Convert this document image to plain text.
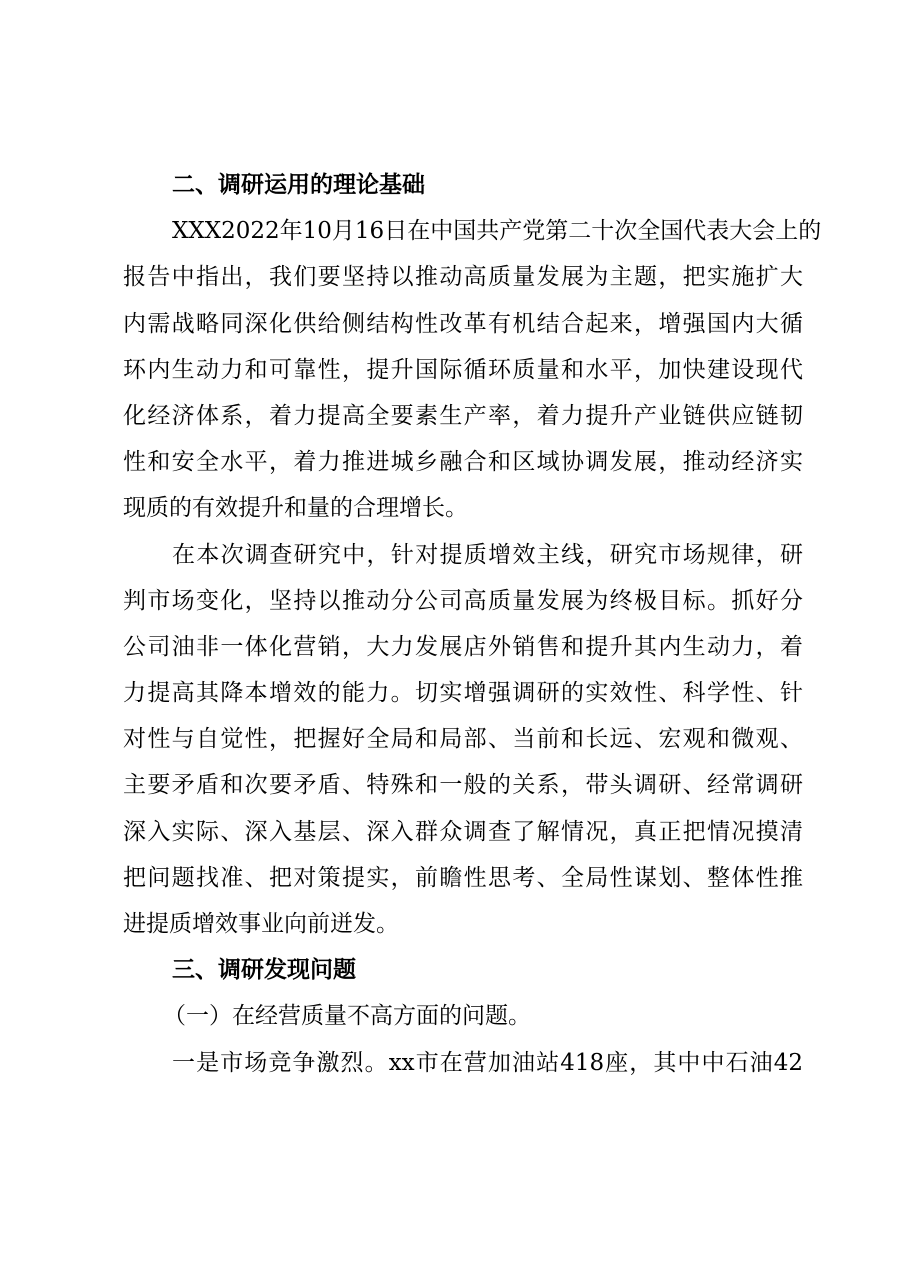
二、调研运用的理论基础
XXX2022年10月16日在中国共产党第二十次全国代表大会上的
报告中指出，我们要坚持以推动高质量发展为主题，把实施扩大
内需战略同深化供给侧结构性改革有机结合起来，增强国内大循
环内生动力和可靠性，提升国际循环质量和水平，加快建设现代
化经济体系，着力提高全要素生产率，着力提升产业链供应链韧
性和安全水平，着力推进城乡融合和区域协调发展，推动经济实
现质的有效提升和量的合理增长。
在本次调查研究中，针对提质增效主线，研究市场规律，研
判市场变化，坚持以推动分公司高质量发展为终极目标。抓好分
公司油非一体化营销，大力发展店外销售和提升其内生动力，着
力提高其降本增效的能力。切实增强调研的实效性、科学性、针
对性与自觉性，把握好全局和局部、当前和长远、宏观和微观、
主要矛盾和次要矛盾、特殊和一般的关系，带头调研、经常调研
深入实际、深入基层、深入群众调查了解情况，真正把情况摸清
把问题找准、把对策提实，前瞻性思考、全局性谋划、整体性推
进提质增效事业向前迸发。
三、调研发现问题
（一）在经营质量不高方面的问题。
一是市场竞争激烈。xx市在营加油站418座，其中中石油42
